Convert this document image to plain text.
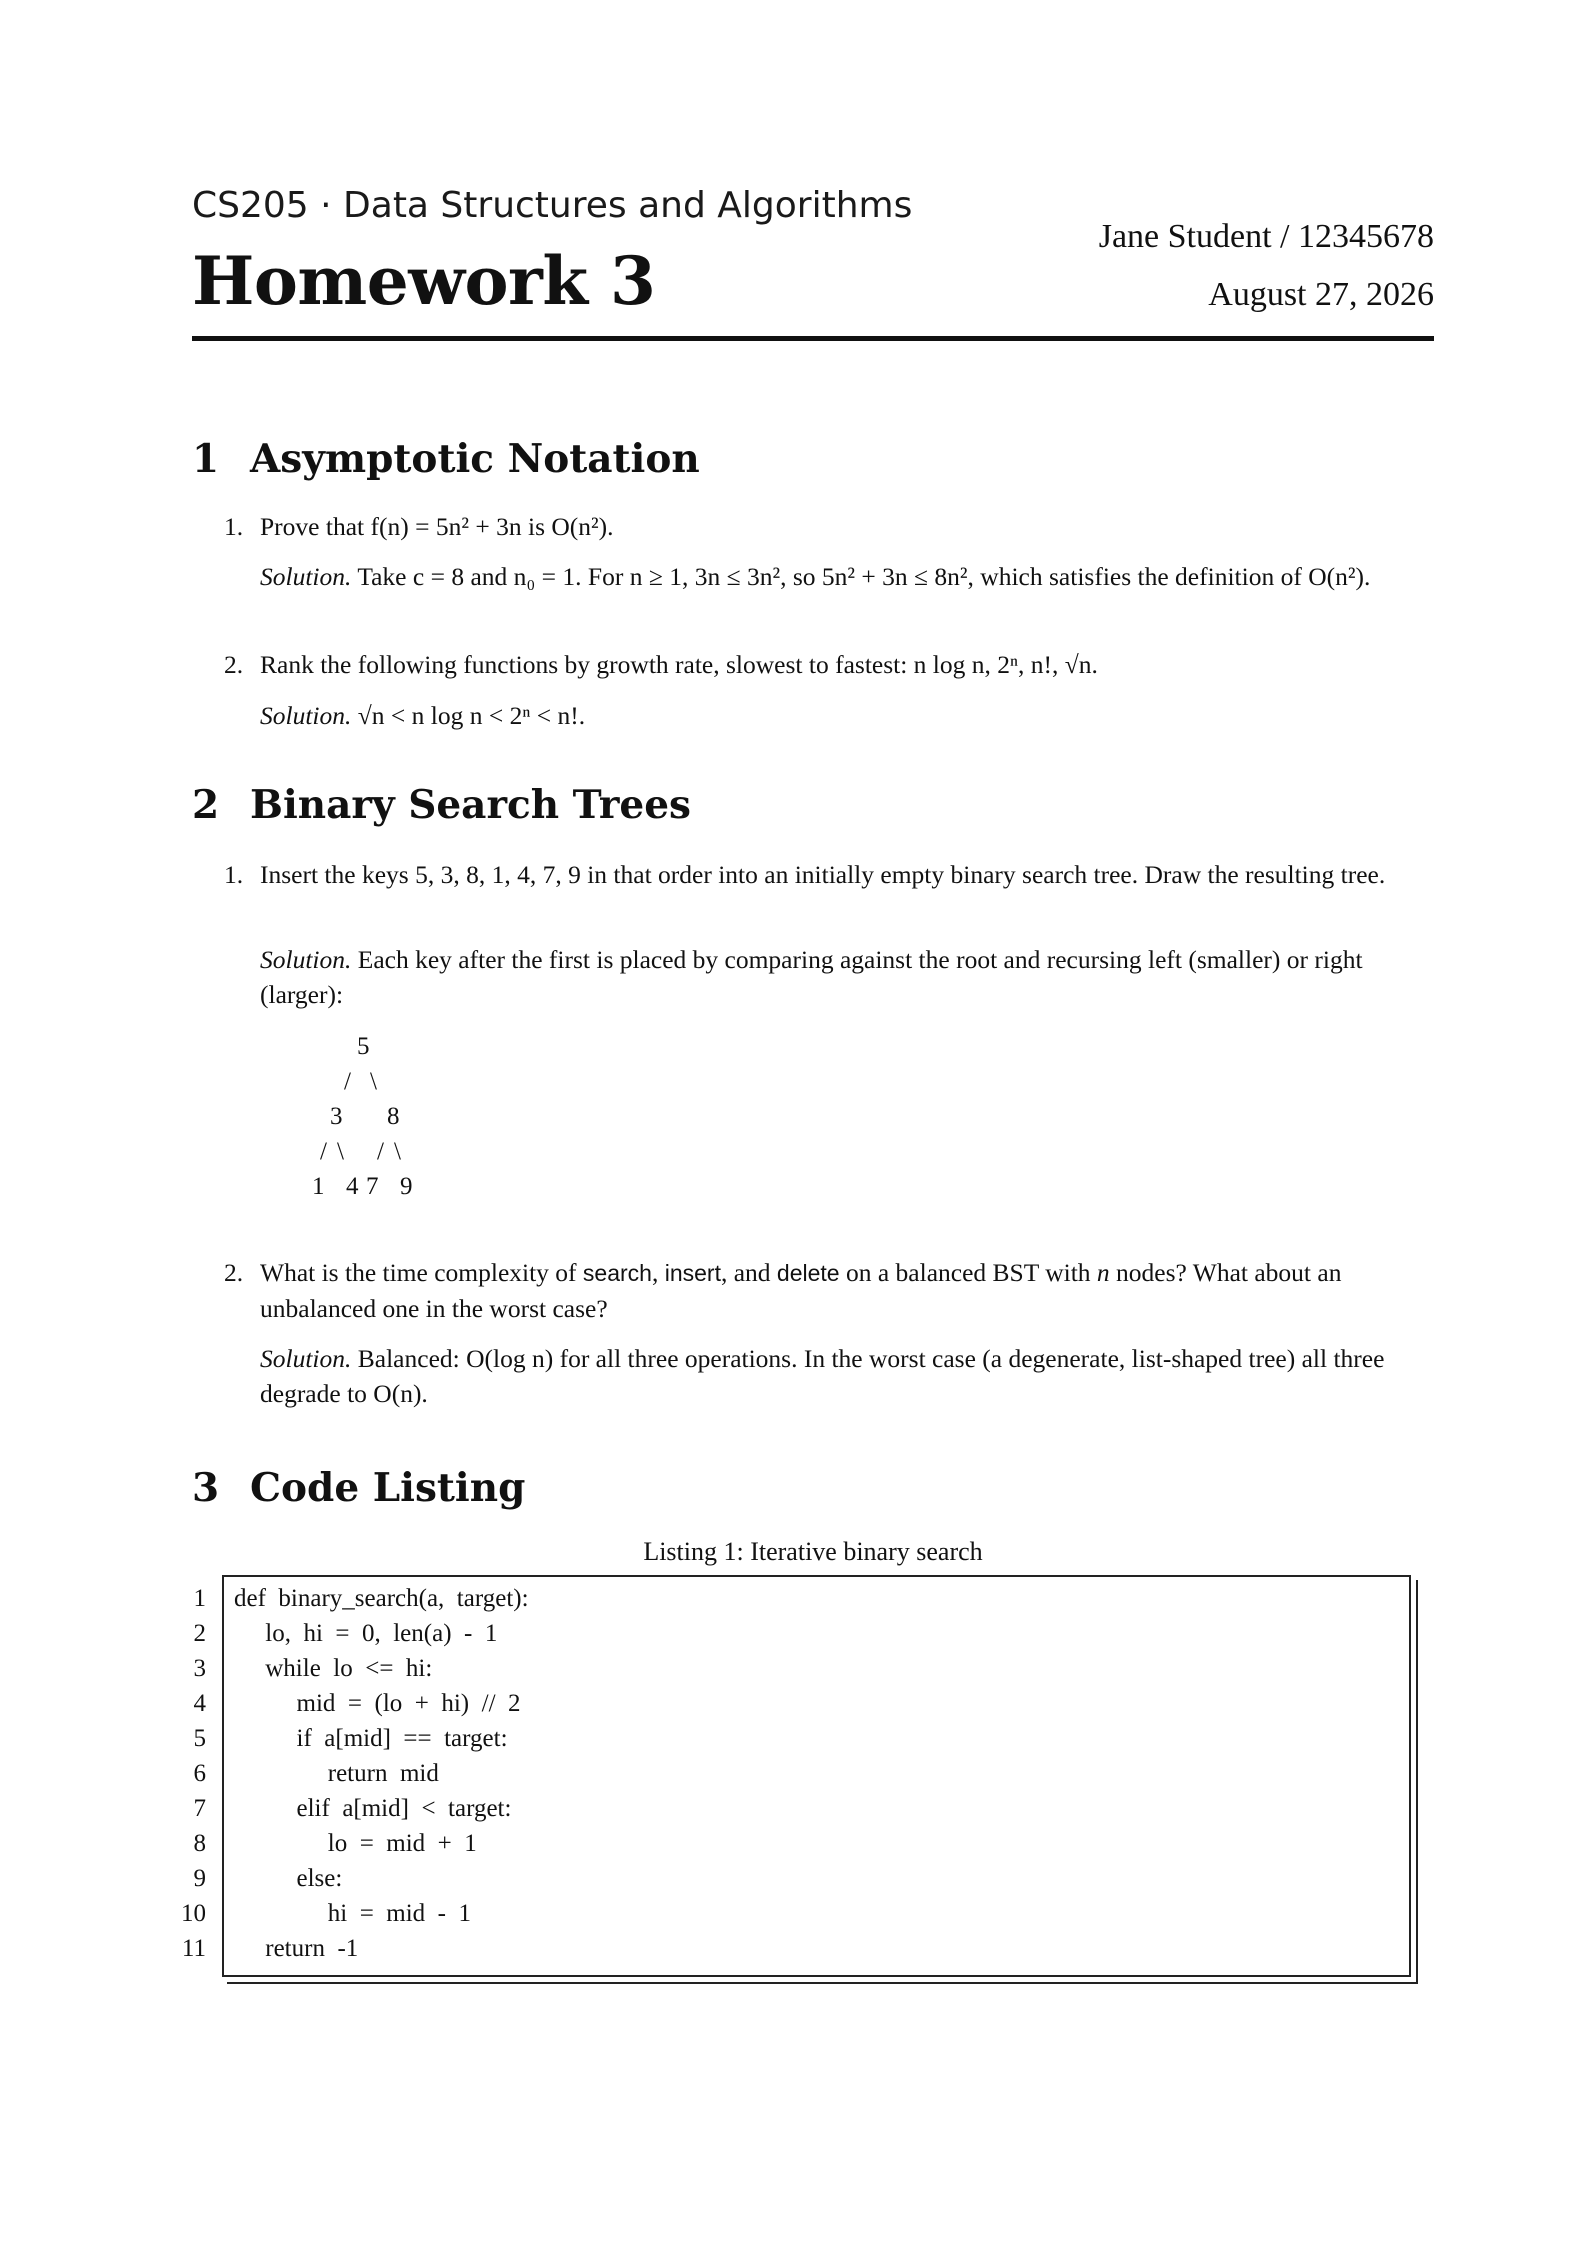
CS205 · Data Structures and Algorithms
Homework 3
Jane Student / 12345678
August 27, 2026
1 Asymptotic Notation
1. Prove that f(n) = 5n² + 3n is O(n²).
Solution. Take c = 8 and n₀ = 1. For n ≥ 1, 3n ≤ 3n², so 5n² + 3n ≤ 8n², which satisfies the definition of O(n²).
2. Rank the following functions by growth rate, slowest to fastest: n log n, 2ⁿ, n!, √n.
Solution. √n < n log n < 2ⁿ < n!.
2 Binary Search Trees
1. Insert the keys 5, 3, 8, 1, 4, 7, 9 in that order into an initially empty binary search tree. Draw the resulting tree.
Solution. Each key after the first is placed by comparing against the root and recursing left (smaller) or right (larger):
5
/ \
3 8
/ \ / \
1 4 7 9
2. What is the time complexity of search, insert, and delete on a balanced BST with n nodes? What about an unbalanced one in the worst case?
Solution. Balanced: O(log n) for all three operations. In the worst case (a degenerate, list-shaped tree) all three degrade to O(n).
3 Code Listing
Listing 1: Iterative binary search
1 def  binary_search(a,  target):
2 lo,  hi  =  0,  len(a)  -  1
3 while  lo  <=  hi:
4 mid  =  (lo  +  hi)  //  2
5 if  a[mid]  ==  target:
6 return  mid
7 elif  a[mid]  <  target:
8 lo  =  mid  +  1
9 else:
10 hi  =  mid  -  1
11 return  -1
